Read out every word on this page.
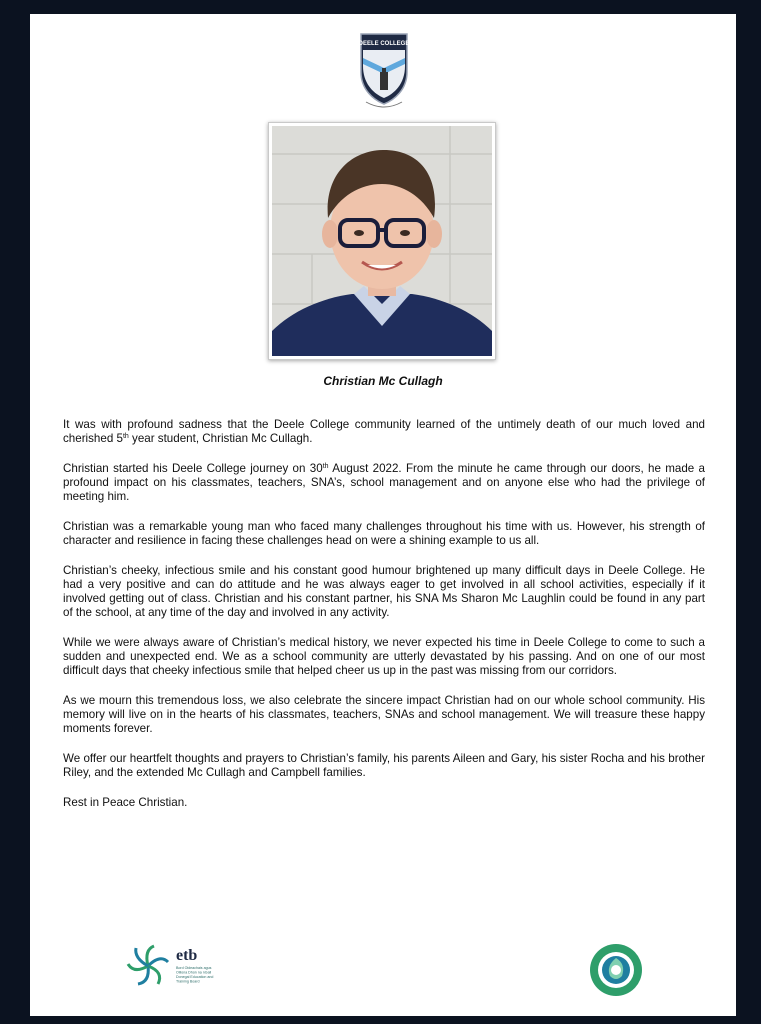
DEELE COLLEGE
Christian Mc Cullagh

It was with profound sadness that the Deele College community learned of the untimely death of our much loved and cherished 5th year student, Christian Mc Cullagh.

Christian started his Deele College journey on 30th August 2022. From the minute he came through our doors, he made a profound impact on his classmates, teachers, SNA’s, school management and on anyone else who had the privilege of meeting him.

Christian was a remarkable young man who faced many challenges throughout his time with us. However, his strength of character and resilience in facing these challenges head on were a shining example to us all.

Christian’s cheeky, infectious smile and his constant good humour brightened up many difficult days in Deele College. He had a very positive and can do attitude and he was always eager to get involved in all school activities, especially if it involved getting out of class. Christian and his constant partner, his SNA Ms Sharon Mc Laughlin could be found in any part of the school, at any time of the day and involved in any activity.

While we were always aware of Christian’s medical history, we never expected his time in Deele College to come to such a sudden and unexpected end. We as a school community are utterly devastated by his passing. And on one of our most difficult days that cheeky infectious smile that helped cheer us up in the past was missing from our corridors.

As we mourn this tremendous loss, we also celebrate the sincere impact Christian had on our whole school community. His memory will live on in the hearts of his classmates, teachers, SNAs and school management. We will treasure these happy moments forever.

We offer our heartfelt thoughts and prayers to Christian’s family, his parents Aileen and Gary, his sister Rocha and his brother Riley, and the extended Mc Cullagh and Campbell families.

Rest in Peace Christian.

etb
Bord Oideachais agus
Oiliúna Dhún na nGall
Donegal Education and
Training Board
